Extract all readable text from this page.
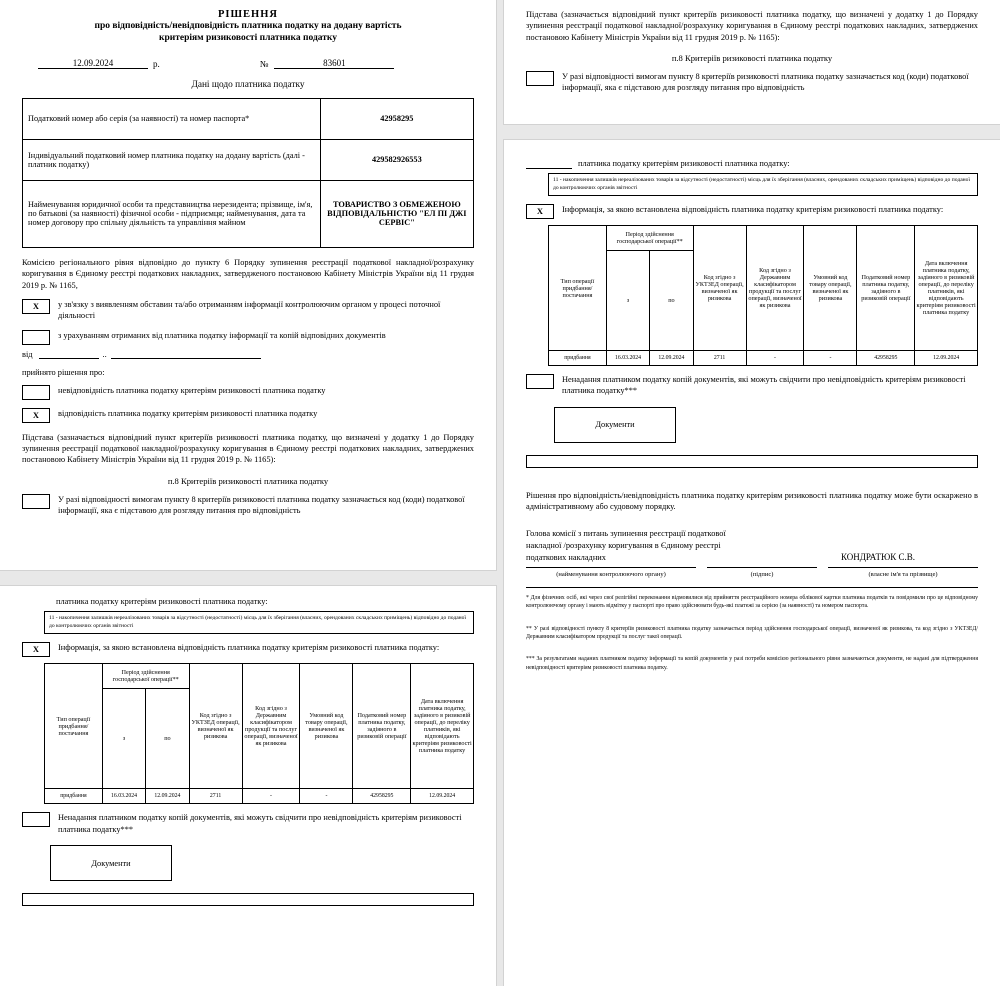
РІШЕННЯ
про відповідність/невідповідність платника податку на додану вартість
критеріям ризиковості платника податку
12.09.2024	р.	№	83601
Дані щодо платника податку
Податковий номер або серія (за наявності) та номер паспорта*	42958295
Індивідуальний податковий номер платника податку на додану вартість (далі - платник податку)	429582926553
Найменування юридичної особи та представництва нерезидента; прізвище, ім'я, по батькові (за наявності) фізичної особи - підприємця; найменування, дата та номер договору про спільну діяльність та управління майном	ТОВАРИСТВО З ОБМЕЖЕНОЮ ВІДПОВІДАЛЬНІСТЮ "ЕЛ ПІ ДЖІ СЕРВІС"
Комісією регіонального рівня відповідно до пункту 6 Порядку зупинення реєстрації податкової накладної/розрахунку коригування в Єдиному реєстрі податкових накладних, затвердженого постановою Кабінету Міністрів України від 11 грудня 2019 р. № 1165,
X	у зв'язку з виявленням обставин та/або отриманням інформації контролюючим органом у процесі поточної діяльності
з урахуванням отриманих від платника податку інформації та копій відповідних документів
від
	..

прийнято рішення про:
невідповідність платника податку критеріям ризиковості платника податку
X	відповідність платника податку критеріям ризиковості платника податку
Підстава (зазначається відповідний пункт критеріїв ризиковості платника податку, що визначені у додатку 1 до Порядку зупинення реєстрації податкової накладної/розрахунку коригування в Єдиному реєстрі податкових накладних, затверджених постановою Кабінету Міністрів України від 11 грудня 2019 р. № 1165):
п.8 Критеріїв ризиковості платника податку
У разі відповідності вимогам пункту 8 критеріїв ризиковості платника податку зазначається код (коди) податкової інформації, яка є підставою для розгляду питання про відповідність
платника податку критеріям ризиковості платника податку:
11 - накопичення залишків нереалізованих товарів за відсутності (недостатності) місць для їх зберігання (власних, орендованих складських приміщень) відповідно до поданої до контролюючих органів звітності
X	Інформація, за якою встановлена відповідність платника податку критеріям ризиковості платника податку:
Тип операції придбання/ постачання	Період здійснення господарської операції**		Код згідно з УКТЗЕД операції, визначеної як ризикова	Код згідно з Державним класифікатором продукції та послуг операції, визначеної як ризикова	Умовний код товару операції, визначеної як ризикова	Податковий номер платника податку, задіяного в ризиковій операції	Дата включення платника податку, задіяного в ризиковій операції, до переліку платників, які відповідають критеріям ризиковості платника податку
	з	по					
придбання	16.03.2024	12.09.2024	2711	-	-	42958295	12.09.2024
Ненадання платником податку копій документів, які можуть свідчити про невідповідність критеріям ризиковості платника податку***
Документи
Підстава (зазначається відповідний пункт критеріїв ризиковості платника податку, що визначені у додатку 1 до Порядку зупинення реєстрації податкової накладної/розрахунку коригування в Єдиному реєстрі податкових накладних, затверджених постановою Кабінету Міністрів України від 11 грудня 2019 р. № 1165):
п.8 Критеріїв ризиковості платника податку
У разі відповідності вимогам пункту 8 критеріїв ризиковості платника податку зазначається код (коди) податкової інформації, яка є підставою для розгляду питання про відповідність

платника податку критеріям ризиковості платника податку:
11 - накопичення залишків нереалізованих товарів за відсутності (недостатності) місць для їх зберігання (власних, орендованих складських приміщень) відповідно до поданої до контролюючих органів звітності
X	Інформація, за якою встановлена відповідність платника податку критеріям ризиковості платника податку:
Тип операції придбання/ постачання	Період здійснення господарської операції**		Код згідно з УКТЗЕД операції, визначеної як ризикова	Код згідно з Державним класифікатором продукції та послуг операції, визначеної як ризикова	Умовний код товару операції, визначеної як ризикова	Податковий номер платника податку, задіяного в ризиковій операції	Дата включення платника податку, задіяного в ризиковій операції, до переліку платників, які відповідають критеріям ризиковості платника податку
	з	по					
придбання	16.03.2024	12.09.2024	2711	-	-	42958295	12.09.2024
Ненадання платником податку копій документів, які можуть свідчити про невідповідність критеріям ризиковості платника податку***
Документи
Рішення про відповідність/невідповідність платника податку критеріям ризиковості платника податку може бути оскаржено в адміністративному або судовому порядку.
Голова комісії з питань зупинення реєстрації податкової накладної /розрахунку коригування в Єдиному реєстрі податкових накладних	КОНДРАТЮК С.В.
(найменування контролюючого органу)	(підпис)	(власне ім'я та прізвище)
* Для фізичних осіб, які через свої релігійні переконання відмовилися від прийняття реєстраційного номера облікової картки платника податків та повідомили про це відповідному контролюючому органу і мають відмітку у паспорті про право здійснювати будь-які платежі за серією (за наявності) та номером паспорта.
** У разі відповідності пункту 8 критеріїв ризиковості платника податку зазначається період здійснення господарської операції, визначеної як ризикова, та код згідно з УКТЗЕД/Державним класифікатором продукції та послуг такої операції.
*** За результатами наданих платником податку інформації та копій документів у разі потреби комісією регіонального рівня зазначаються документи, не надані для підтвердження невідповідності критеріям ризиковості платника податку.
